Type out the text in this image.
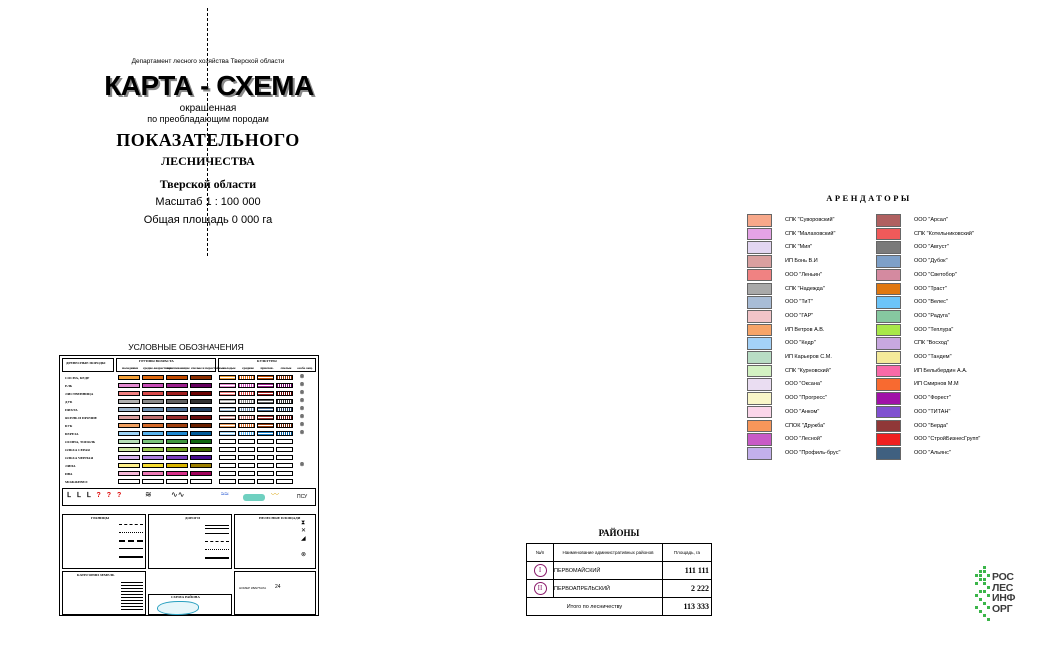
Департамент лесного хозяйства Тверской области
КАРТА - СХЕМА
окрашенная
по преобладающим породам
ПОКАЗАТЕЛЬНОГО
ЛЕСНИЧЕСТВА
Тверской области
Масштаб 1 : 100 000
Общая площадь 0 000 га
УСЛОВНЫЕ ОБОЗНАЧЕНИЯ
ДРЕВЕСНЫЕ ПОРОДЫ	ГРУППЫ ВОЗРАСТА
молодняки	средне-возрастные
приспевающие спелые и перестойные
КУЛЬТУРЫ
молодые	средние	приспев.	спелые	особо защ.
СОСНА, КЕДР	⊗
ЕЛЬ	⊗
ЛИСТВЕННИЦА	⊗
ДУБ	⊗
ПИХТА	⊗
ЯСЕНЬ И ПРОЧИЕ	⊗
БУК	⊗
БЕРЕЗА	⊗
ОСИНА, ТОПОЛЬ
ОЛЬХА СЕРАЯ
ОЛЬХА ЧЕРНАЯ
ЛИПА	⊗
ИВА
МОЖЖЕВЕЛ
ᒪ ᒪ ᒪ ? ? ?	≋ ∿∿	≈≈	〰	ПСУ
ГРАНИЦЫ	ДОРОГИ	НЕЛЕСНЫЕ ПЛОЩАДИ
⧗
✕
◢
⊗
КАТЕГОРИИ ЗЕМЕЛЬ
СХЕМА РАЙОНА
НОМЕР КВАРТАЛА 24
АРЕНДАТОРЫ
СПК "Суворовский"
СПК "Малаховский"
СПК "Мия"
ИП Бонь В.И
ООО "Леньин"
СПК "Надежда"
ООО "ТиТ"
ООО "ГАР"
ИП Ветров А.В.
ООО "Кедр"
ИП Карьеров С.М.
СПК "Курновский"
ООО "Оксана"
ООО "Прогресс"
ООО "Анком"
СПОК "Дружба"
ООО "Лесной"
ООО "Профиль-брус"
ООО "Арсал"
СПК "Котельниковский"
ООО "Август"
ООО "Дубок"
ООО "Светобор"
ООО "Траст"
ООО "Велес"
ООО "Радуга"
ООО "Теплура"
СПК "Восход"
ООО "Тандем"
ИП Белыбердин А.А.
ИП Смирнов М.М
ООО "Форест"
ООО "ТИТАН"
ООО "Берда"
ООО "СтройБизнесГрупп"
ООО "Альянс"
РАЙОНЫ
№/п	Наименование административных районов	Площадь, га
I	ПЕРВОМАЙСКИЙ	111 111
II	ПЕРВОАПРЕЛЬСКИЙ	2 222
Итого по лесничеству		113 333
РОС
ЛЕС
ИНФ
ОРГ
